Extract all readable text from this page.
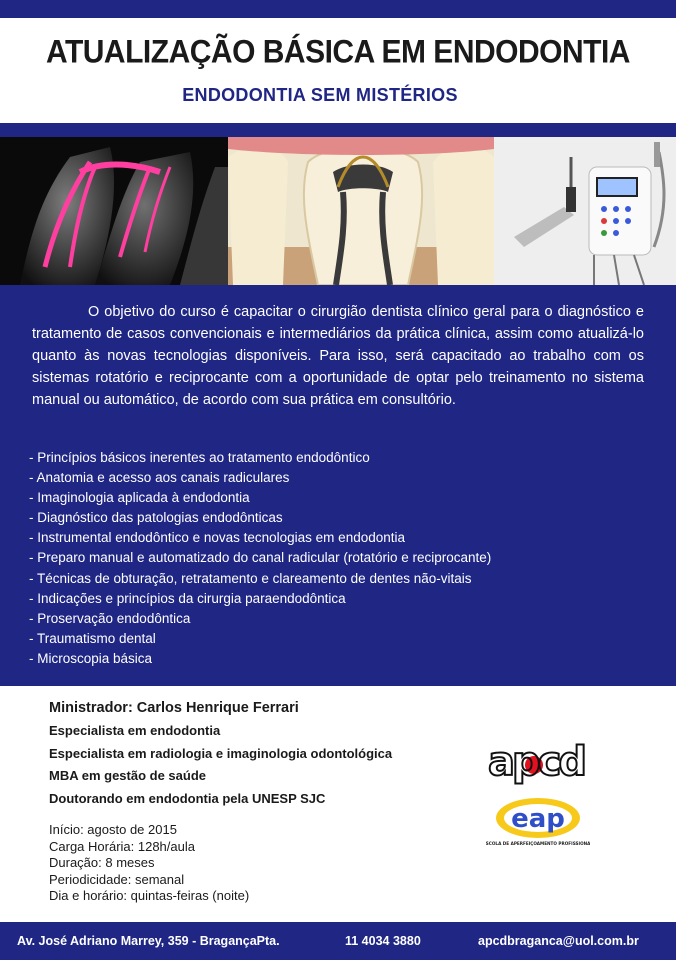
ATUALIZAÇÃO BÁSICA EM ENDODONTIA
ENDODONTIA SEM MISTÉRIOS
O objetivo do curso é capacitar o cirurgião dentista clínico geral para o diagnóstico e tratamento de casos convencionais e intermediários da prática clínica, assim como atualizá-lo quanto às novas tecnologias disponíveis. Para isso, será capacitado ao trabalho com os sistemas rotatório e reciprocante com a oportunidade de optar pelo treinamento no sistema manual ou automático, de acordo com sua prática em consultório.
- Princípios básicos inerentes ao tratamento endodôntico
- Anatomia e acesso aos canais radiculares
- Imaginologia aplicada à endodontia
- Diagnóstico das patologias endodônticas
- Instrumental endodôntico e novas tecnologias em endodontia
- Preparo manual e automatizado do canal radicular (rotatório e reciprocante)
- Técnicas de obturação, retratamento e clareamento de dentes não-vitais
- Indicações e princípios da cirurgia paraendodôntica
- Proservação endodôntica
- Traumatismo dental
- Microscopia básica
Ministrador: Carlos Henrique Ferrari
Especialista em endodontia
Especialista em radiologia e imaginologia odontológica
MBA em gestão de saúde
Doutorando em endodontia pela UNESP SJC
Início: agosto de 2015
Carga Horária: 128h/aula
Duração: 8 meses
Periodicidade: semanal
Dia e horário: quintas-feiras (noite)
apcd
eap
ESCOLA DE APERFEIÇOAMENTO PROFISSIONAL
Av. José Adriano Marrey, 359 - BragançaPta.	11 4034 3880	apcdbraganca@uol.com.br
